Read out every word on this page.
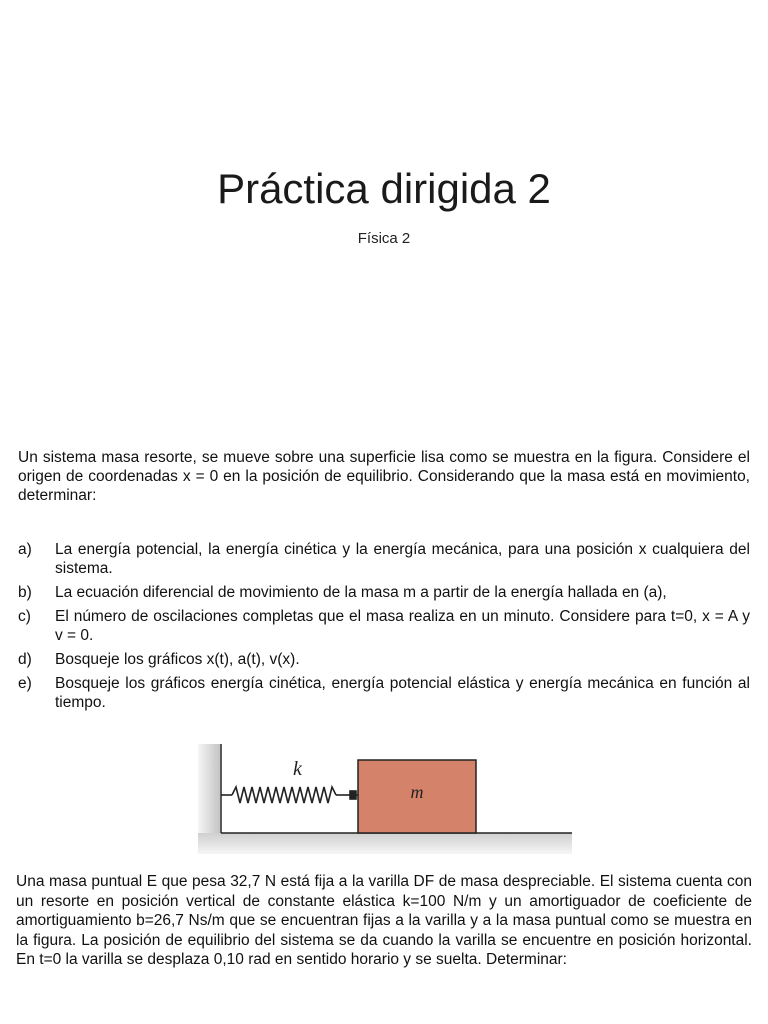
Práctica dirigida 2
Física 2

Un sistema masa resorte, se mueve sobre una superficie lisa como se muestra en la figura. Considere el origen de coordenadas x = 0 en la posición de equilibrio. Considerando que la masa está en movimiento, determinar:

a)	La energía potencial, la energía cinética y la energía mecánica, para una posición x cualquiera del sistema.
b)	La ecuación diferencial de movimiento de la masa m a partir de la energía hallada en (a),
c)	El número de oscilaciones completas que el masa realiza en un minuto. Considere para t=0, x = A y v = 0.
d)	Bosqueje los gráficos x(t), a(t), v(x).
e)	Bosqueje los gráficos energía cinética, energía potencial elástica y energía mecánica en función al tiempo.
k
m

Una masa puntual E que pesa 32,7 N está fija a la varilla DF de masa despreciable. El sistema cuenta con un resorte en posición vertical de constante elástica k=100 N/m y un amortiguador de coeficiente de amortiguamiento b=26,7 Ns/m que se encuentran fijas a la varilla y a la masa puntual como se muestra en la figura. La posición de equilibrio del sistema se da cuando la varilla se encuentre en posición horizontal. En t=0 la varilla se desplaza 0,10 rad en sentido horario y se suelta. Determinar:
